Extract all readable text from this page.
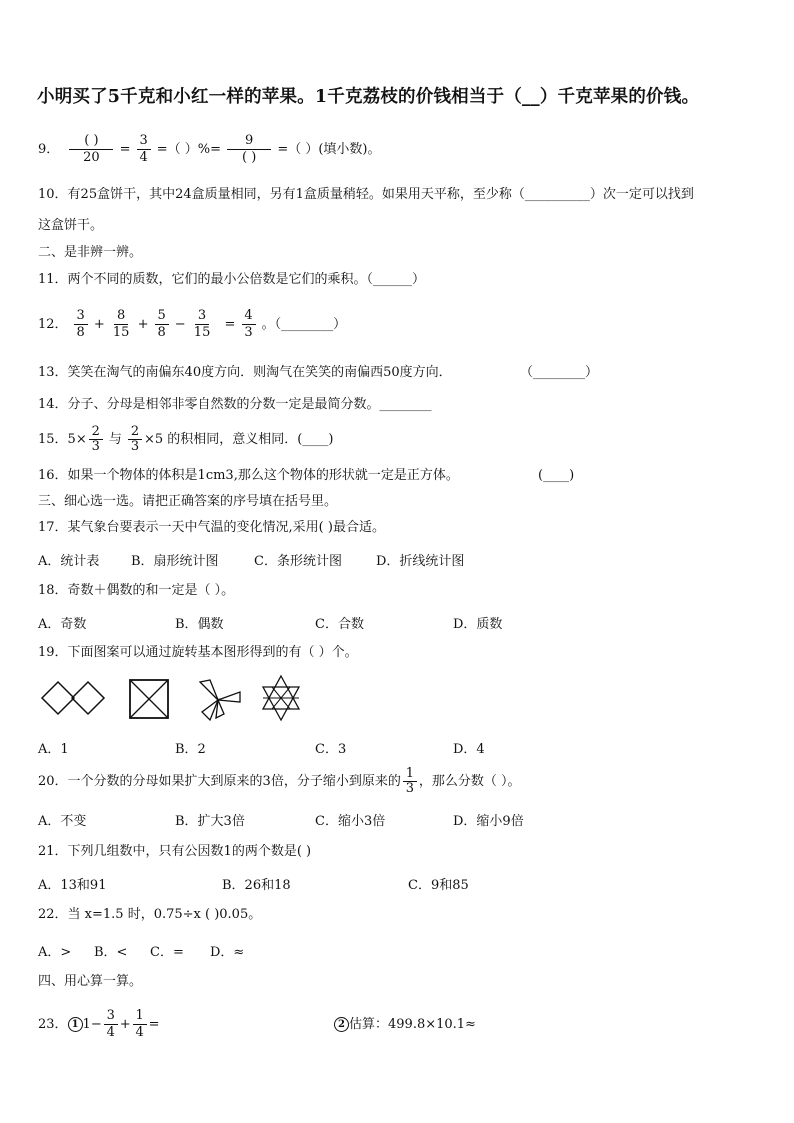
小明买了5千克和小红一样的苹果。1千克荔枝的价钱相当于（__）千克苹果的价钱。
9． $\frac{( )}{20} = \frac{3}{4}$ =（ ）%= $\frac{9}{( )}$ =（ ）(填小数)。
10．有25盒饼干，其中24盒质量相同，另有1盒质量稍轻。如果用天平称，至少称（__________）次一定可以找到
这盒饼干。
二、是非辨一辨。
11．两个不同的质数，它们的最小公倍数是它们的乘积。（______）
12． $\frac{3}{8} + \frac{8}{15} + \frac{5}{8} - \frac{3}{15} = \frac{4}{3}$ 。（________）
13．笑笑在淘气的南偏东40度方向．则淘气在笑笑的南偏西50度方向．	（________）
14．分子、分母是相邻非零自然数的分数一定是最简分数。________
15．$5\times \frac{2}{3}$ 与 $\frac{2}{3} \times 5$ 的积相同，意义相同．(____)
16．如果一个物体的体积是1cm3,那么这个物体的形状就一定是正方体。	(____)
三、细心选一选。请把正确答案的序号填在括号里。
17．某气象台要表示一天中气温的变化情况,采用( )最合适。
A．统计表 B．扇形统计图	C．条形统计图	D．折线统计图
18．奇数＋偶数的和一定是（ ）。
A．奇数	B．偶数	C．合数	D．质数
19．下面图案可以通过旋转基本图形得到的有（ ）个。
A．1	B．2	C．3	D．4
20．一个分数的分母如果扩大到原来的3倍，分子缩小到原来的 $\frac{1}{3}$ ，那么分数（ ）。
A．不变	B．扩大3倍	C．缩小3倍	D．缩小9倍
21．下列几组数中，只有公因数1的两个数是( )
A．13和91	B．26和18	C．9和85
22．当 x=1.5 时，0.75÷x ( )0.05。
A．> B．< C．= D．≈
四、用心算一算。
23． 1 $1- \frac{3}{4} + \frac{1}{4}$ =	2 估算：499.8×10.1≈
